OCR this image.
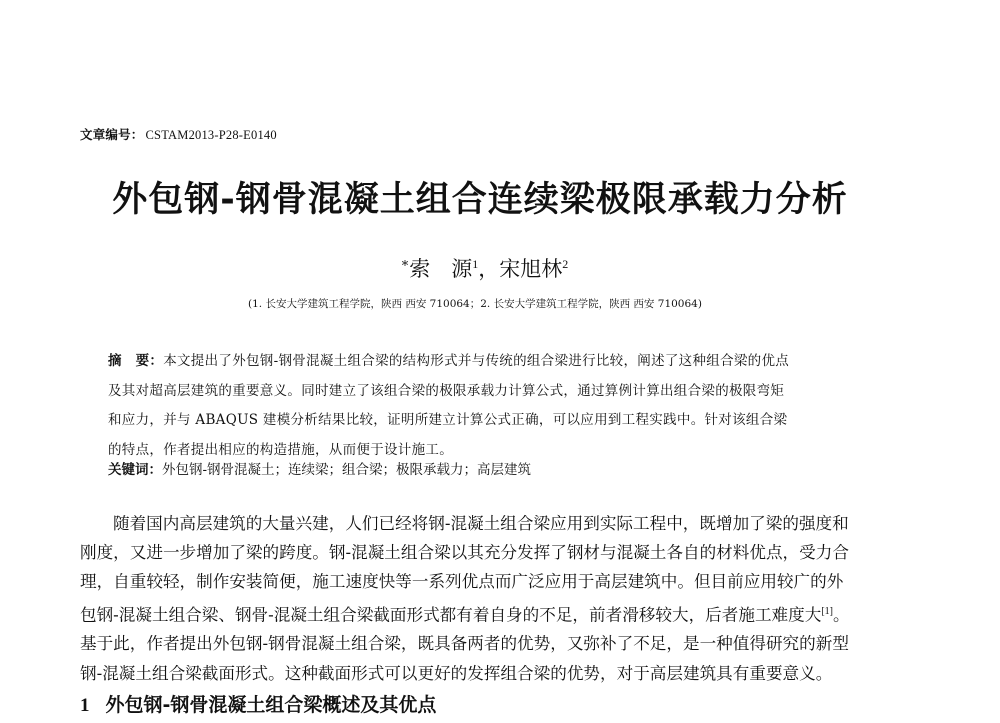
文章编号： CSTAM2013-P28-E0140
外包钢-钢骨混凝土组合连续梁极限承载力分析
*索　源$^1$，宋旭林$^2$
(1. 长安大学建筑工程学院，陕西 西安 710064；2. 长安大学建筑工程学院，陕西 西安 710064)
摘　要：本文提出了外包钢-钢骨混凝土组合梁的结构形式并与传统的组合梁进行比较，阐述了这种组合梁的优点
及其对超高层建筑的重要意义。同时建立了该组合梁的极限承载力计算公式，通过算例计算出组合梁的极限弯矩
和应力，并与 ABAQUS 建模分析结果比较，证明所建立计算公式正确，可以应用到工程实践中。针对该组合梁
的特点，作者提出相应的构造措施，从而便于设计施工。
关键词：外包钢-钢骨混凝土；连续梁；组合梁；极限承载力；高层建筑
随着国内高层建筑的大量兴建，人们已经将钢-混凝土组合梁应用到实际工程中，既增加了梁的强度和
刚度，又进一步增加了梁的跨度。钢-混凝土组合梁以其充分发挥了钢材与混凝土各自的材料优点，受力合
理，自重较轻，制作安装简便，施工速度快等一系列优点而广泛应用于高层建筑中。但目前应用较广的外
包钢-混凝土组合梁、钢骨-混凝土组合梁截面形式都有着自身的不足，前者滑移较大，后者施工难度大[1]。
基于此，作者提出外包钢-钢骨混凝土组合梁，既具备两者的优势，又弥补了不足，是一种值得研究的新型
钢-混凝土组合梁截面形式。这种截面形式可以更好的发挥组合梁的优势，对于高层建筑具有重要意义。
1 外包钢-钢骨混凝土组合梁概述及其优点
